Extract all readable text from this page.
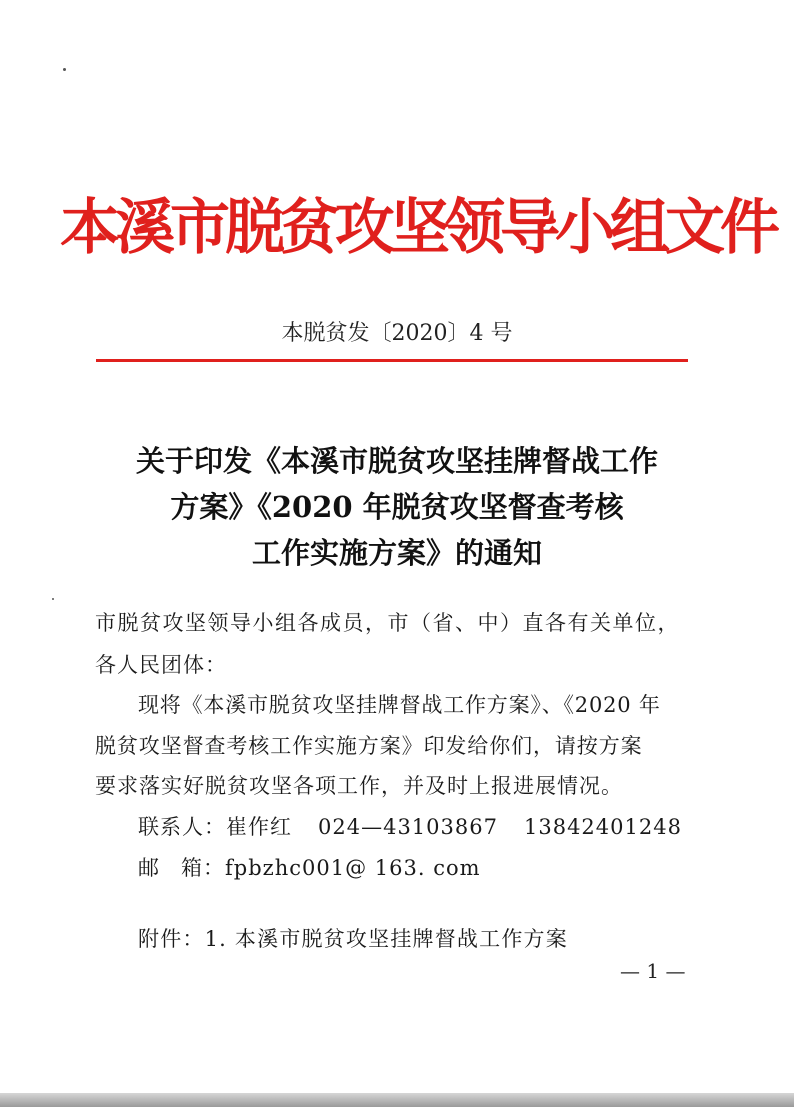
本溪市脱贫攻坚领导小组文件
本脱贫发〔2020〕4 号
关于印发《本溪市脱贫攻坚挂牌督战工作
方案》《2020 年脱贫攻坚督查考核
工作实施方案》的通知
市脱贫攻坚领导小组各成员，市（省、中）直各有关单位，
各人民团体：
现将《本溪市脱贫攻坚挂牌督战工作方案》、《2020 年
脱贫攻坚督查考核工作实施方案》印发给你们，请按方案
要求落实好脱贫攻坚各项工作，并及时上报进展情况。
联系人：崔作红 024—43103867 13842401248
邮箱：fpbzhc001@ 163. com
附件：1. 本溪市脱贫攻坚挂牌督战工作方案
— 1 —
